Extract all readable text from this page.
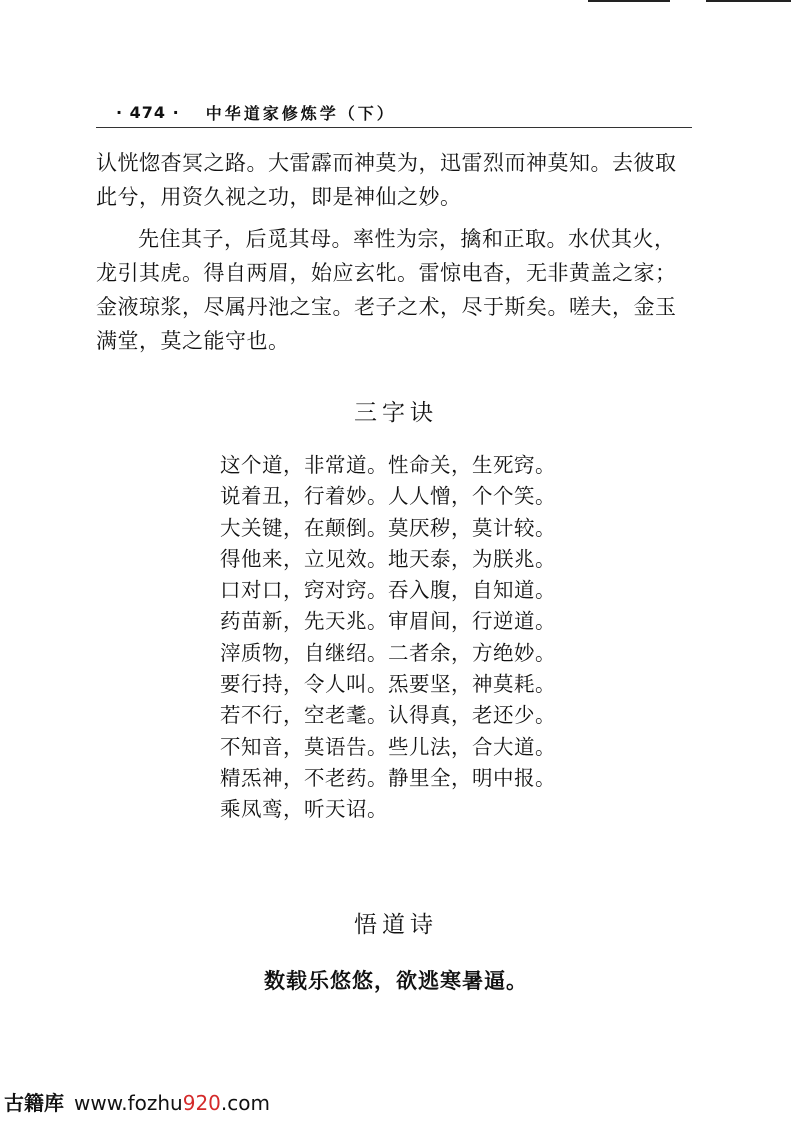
· 474 · 中华道家修炼学（下）

认恍惚杳冥之路。大雷霹而神莫为，迅雷烈而神莫知。去彼取此兮，用资久视之功，即是神仙之妙。

先住其子，后觅其母。率性为宗，擒和正取。水伏其火，龙引其虎。得自两眉，始应玄牝。雷惊电杳，无非黄盖之家；金液琼浆，尽属丹池之宝。老子之术，尽于斯矣。嗟夫，金玉满堂，莫之能守也。

三字诀
这个道，非常道。性命关，生死窍。
说着丑，行着妙。人人憎，个个笑。
大关键，在颠倒。莫厌秽，莫计较。
得他来，立见效。地天泰，为朕兆。
口对口，窍对窍。吞入腹，自知道。
药苗新，先天兆。审眉间，行逆道。
滓质物，自继绍。二者余，方绝妙。
要行持，令人叫。炁要坚，神莫耗。
若不行，空老耄。认得真，老还少。
不知音，莫语告。些儿法，合大道。
精炁神，不老药。静里全，明中报。
乘凤鸾，听天诏。
悟道诗
数载乐悠悠，欲逃寒暑逼。
古籍库 www.fozhu920.com
